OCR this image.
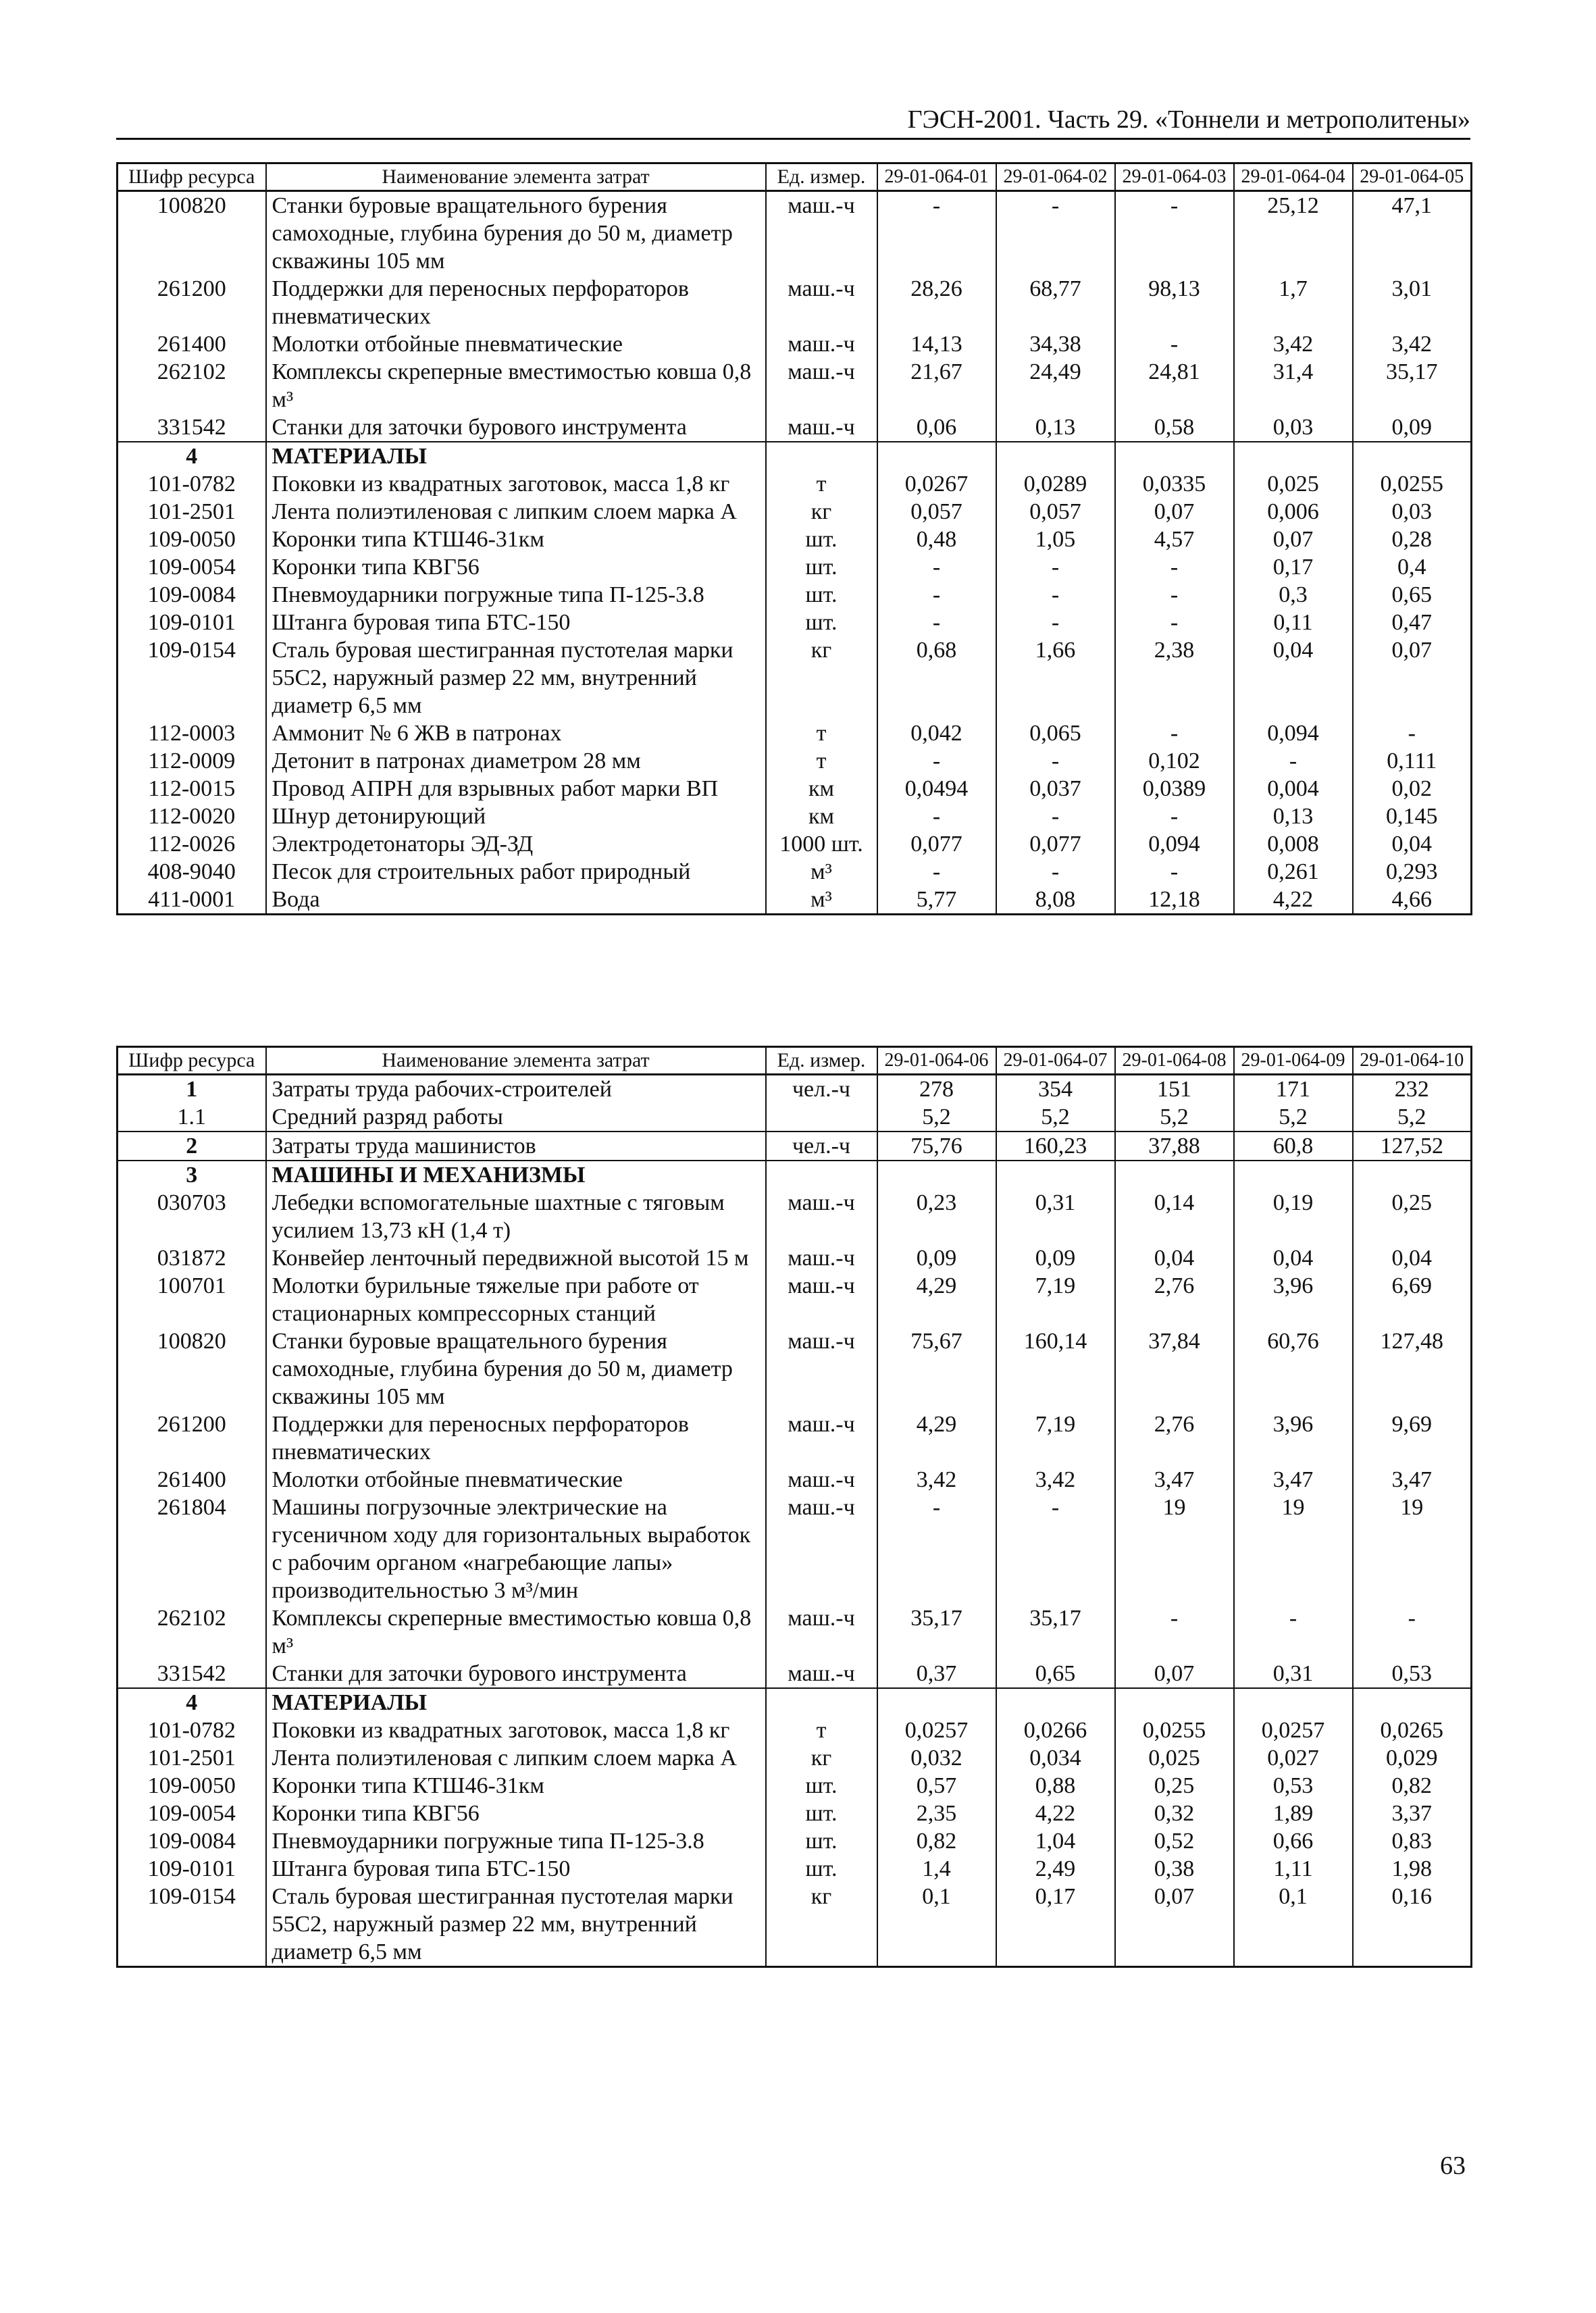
ГЭСН-2001. Часть 29. «Тоннели и метрополитены»
Шифр ресурса	Наименование элемента затрат	Ед. измер.	29-01-064-01	29-01-064-02	29-01-064-03	29-01-064-04	29-01-064-05
100820	Станки буровые вращательного бурения самоходные, глубина бурения до 50 м, диаметр скважины 105 мм	маш.-ч	-	-	-	25,12	47,1
261200	Поддержки для переносных перфораторов пневматических	маш.-ч	28,26	68,77	98,13	1,7	3,01
261400	Молотки отбойные пневматические	маш.-ч	14,13	34,38	-	3,42	3,42
262102	Комплексы скреперные вместимостью ковша 0,8 м³	маш.-ч	21,67	24,49	24,81	31,4	35,17
331542	Станки для заточки бурового инструмента	маш.-ч	0,06	0,13	0,58	0,03	0,09
4	МАТЕРИАЛЫ						
101-0782	Поковки из квадратных заготовок, масса 1,8 кг	т	0,0267	0,0289	0,0335	0,025	0,0255
101-2501	Лента полиэтиленовая с липким слоем марка А	кг	0,057	0,057	0,07	0,006	0,03
109-0050	Коронки типа КТШ46-31км	шт.	0,48	1,05	4,57	0,07	0,28
109-0054	Коронки типа КВГ56	шт.	-	-	-	0,17	0,4
109-0084	Пневмоударники погружные типа П-125-3.8	шт.	-	-	-	0,3	0,65
109-0101	Штанга буровая типа БТС-150	шт.	-	-	-	0,11	0,47
109-0154	Сталь буровая шестигранная пустотелая марки 55С2, наружный размер 22 мм, внутренний диаметр 6,5 мм	кг	0,68	1,66	2,38	0,04	0,07
112-0003	Аммонит № 6 ЖВ в патронах	т	0,042	0,065	-	0,094	-
112-0009	Детонит в патронах диаметром 28 мм	т	-	-	0,102	-	0,111
112-0015	Провод АПРН для взрывных работ марки ВП	км	0,0494	0,037	0,0389	0,004	0,02
112-0020	Шнур детонирующий	км	-	-	-	0,13	0,145
112-0026	Электродетонаторы ЭД-ЗД	1000 шт.	0,077	0,077	0,094	0,008	0,04
408-9040	Песок для строительных работ природный	м³	-	-	-	0,261	0,293
411-0001	Вода	м³	5,77	8,08	12,18	4,22	4,66
Шифр ресурса	Наименование элемента затрат	Ед. измер.	29-01-064-06	29-01-064-07	29-01-064-08	29-01-064-09	29-01-064-10
1	Затраты труда рабочих-строителей	чел.-ч	278	354	151	171	232
1.1	Средний разряд работы		5,2	5,2	5,2	5,2	5,2
2	Затраты труда машинистов	чел.-ч	75,76	160,23	37,88	60,8	127,52
3	МАШИНЫ И МЕХАНИЗМЫ						
030703	Лебедки вспомогательные шахтные с тяговым усилием 13,73 кН (1,4 т)	маш.-ч	0,23	0,31	0,14	0,19	0,25
031872	Конвейер ленточный передвижной высотой 15 м	маш.-ч	0,09	0,09	0,04	0,04	0,04
100701	Молотки бурильные тяжелые при работе от стационарных компрессорных станций	маш.-ч	4,29	7,19	2,76	3,96	6,69
100820	Станки буровые вращательного бурения самоходные, глубина бурения до 50 м, диаметр скважины 105 мм	маш.-ч	75,67	160,14	37,84	60,76	127,48
261200	Поддержки для переносных перфораторов пневматических	маш.-ч	4,29	7,19	2,76	3,96	9,69
261400	Молотки отбойные пневматические	маш.-ч	3,42	3,42	3,47	3,47	3,47
261804	Машины погрузочные электрические на гусеничном ходу для горизонтальных выработок с рабочим органом «нагребающие лапы» производительностью 3 м³/мин	маш.-ч	-	-	19	19	19
262102	Комплексы скреперные вместимостью ковша 0,8 м³	маш.-ч	35,17	35,17	-	-	-
331542	Станки для заточки бурового инструмента	маш.-ч	0,37	0,65	0,07	0,31	0,53
4	МАТЕРИАЛЫ						
101-0782	Поковки из квадратных заготовок, масса 1,8 кг	т	0,0257	0,0266	0,0255	0,0257	0,0265
101-2501	Лента полиэтиленовая с липким слоем марка А	кг	0,032	0,034	0,025	0,027	0,029
109-0050	Коронки типа КТШ46-31км	шт.	0,57	0,88	0,25	0,53	0,82
109-0054	Коронки типа КВГ56	шт.	2,35	4,22	0,32	1,89	3,37
109-0084	Пневмоударники погружные типа П-125-3.8	шт.	0,82	1,04	0,52	0,66	0,83
109-0101	Штанга буровая типа БТС-150	шт.	1,4	2,49	0,38	1,11	1,98
109-0154	Сталь буровая шестигранная пустотелая марки 55С2, наружный размер 22 мм, внутренний диаметр 6,5 мм	кг	0,1	0,17	0,07	0,1	0,16
63
